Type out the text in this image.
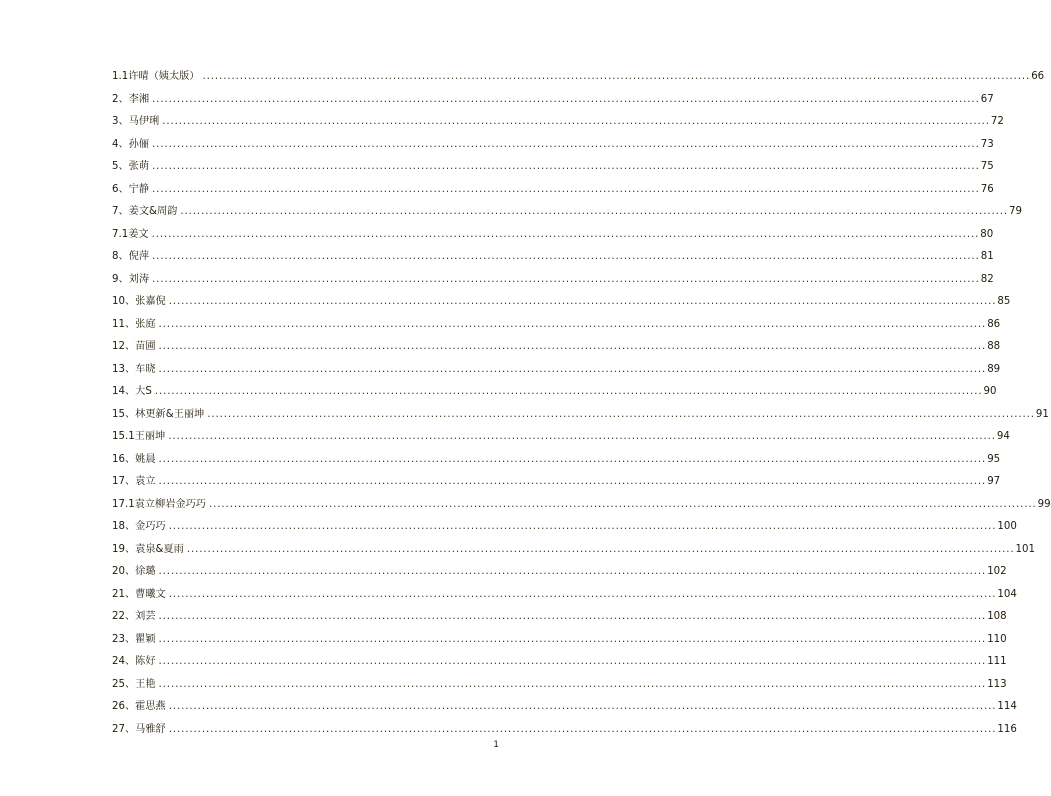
1.1许晴（姨太版） ........................................................................................................................................................................................................ 66
2、李湘 ........................................................................................................................................................................................................ 67
3、马伊琍 ........................................................................................................................................................................................................ 72
4、孙俪 ........................................................................................................................................................................................................ 73
5、张萌 ........................................................................................................................................................................................................ 75
6、宁静 ........................................................................................................................................................................................................ 76
7、姜文&周韵 ........................................................................................................................................................................................................ 79
7.1姜文 ........................................................................................................................................................................................................ 80
8、倪萍 ........................................................................................................................................................................................................ 81
9、刘涛 ........................................................................................................................................................................................................ 82
10、张嘉倪 ........................................................................................................................................................................................................ 85
11、张庭 ........................................................................................................................................................................................................ 86
12、苗圃 ........................................................................................................................................................................................................ 88
13、车晓 ........................................................................................................................................................................................................ 89
14、大S ........................................................................................................................................................................................................ 90
15、林更新&王丽坤 ........................................................................................................................................................................................................ 91
15.1王丽坤 ........................................................................................................................................................................................................ 94
16、姚晨 ........................................................................................................................................................................................................ 95
17、袁立 ........................................................................................................................................................................................................ 97
17.1袁立柳岩金巧巧 ........................................................................................................................................................................................................ 99
18、金巧巧 ........................................................................................................................................................................................................ 100
19、袁泉&夏雨 ........................................................................................................................................................................................................ 101
20、徐璐 ........................................................................................................................................................................................................ 102
21、曹曦文 ........................................................................................................................................................................................................ 104
22、刘芸 ........................................................................................................................................................................................................ 108
23、瞿颖 ........................................................................................................................................................................................................ 110
24、陈好 ........................................................................................................................................................................................................ 111
25、王艳 ........................................................................................................................................................................................................ 113
26、霍思燕 ........................................................................................................................................................................................................ 114
27、马雅舒 ........................................................................................................................................................................................................ 116
1
